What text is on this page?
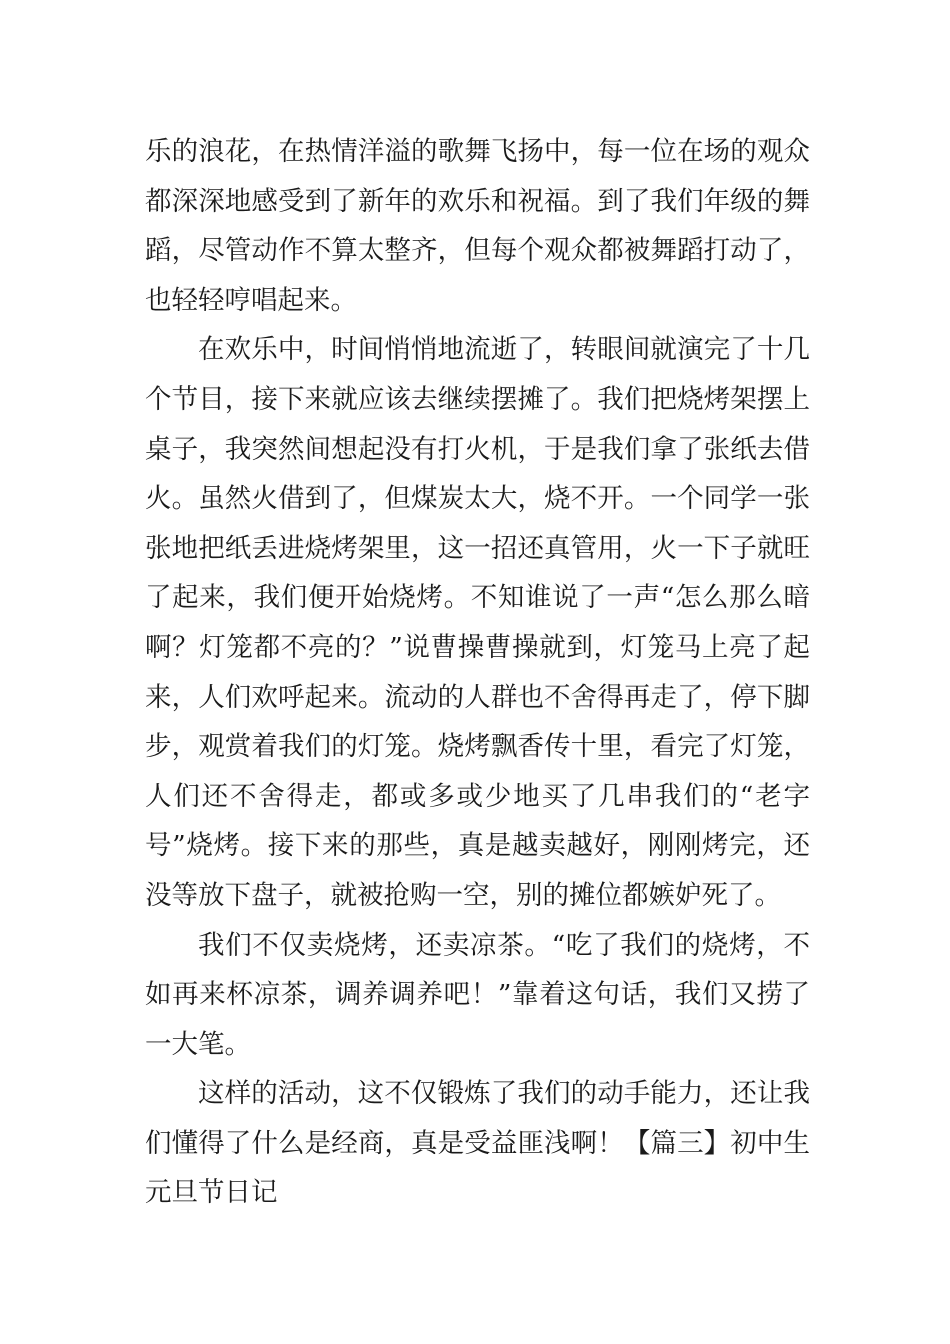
乐的浪花，在热情洋溢的歌舞飞扬中，每一位在场的观众都深深地感受到了新年的欢乐和祝福。到了我们年级的舞蹈，尽管动作不算太整齐，但每个观众都被舞蹈打动了，也轻轻哼唱起来。

在欢乐中，时间悄悄地流逝了，转眼间就演完了十几个节目，接下来就应该去继续摆摊了。我们把烧烤架摆上桌子，我突然间想起没有打火机，于是我们拿了张纸去借火。虽然火借到了，但煤炭太大，烧不开。一个同学一张张地把纸丢进烧烤架里，这一招还真管用，火一下子就旺了起来，我们便开始烧烤。不知谁说了一声“怎么那么暗啊？灯笼都不亮的？”说曹操曹操就到，灯笼马上亮了起来，人们欢呼起来。流动的人群也不舍得再走了，停下脚步，观赏着我们的灯笼。烧烤飘香传十里，看完了灯笼，人们还不舍得走，都或多或少地买了几串我们的“老字号”烧烤。接下来的那些，真是越卖越好，刚刚烤完，还没等放下盘子，就被抢购一空，别的摊位都嫉妒死了。

我们不仅卖烧烤，还卖凉茶。“吃了我们的烧烤，不如再来杯凉茶，调养调养吧！”靠着这句话，我们又捞了一大笔。

这样的活动，这不仅锻炼了我们的动手能力，还让我们懂得了什么是经商，真是受益匪浅啊！【篇三】初中生元旦节日记
